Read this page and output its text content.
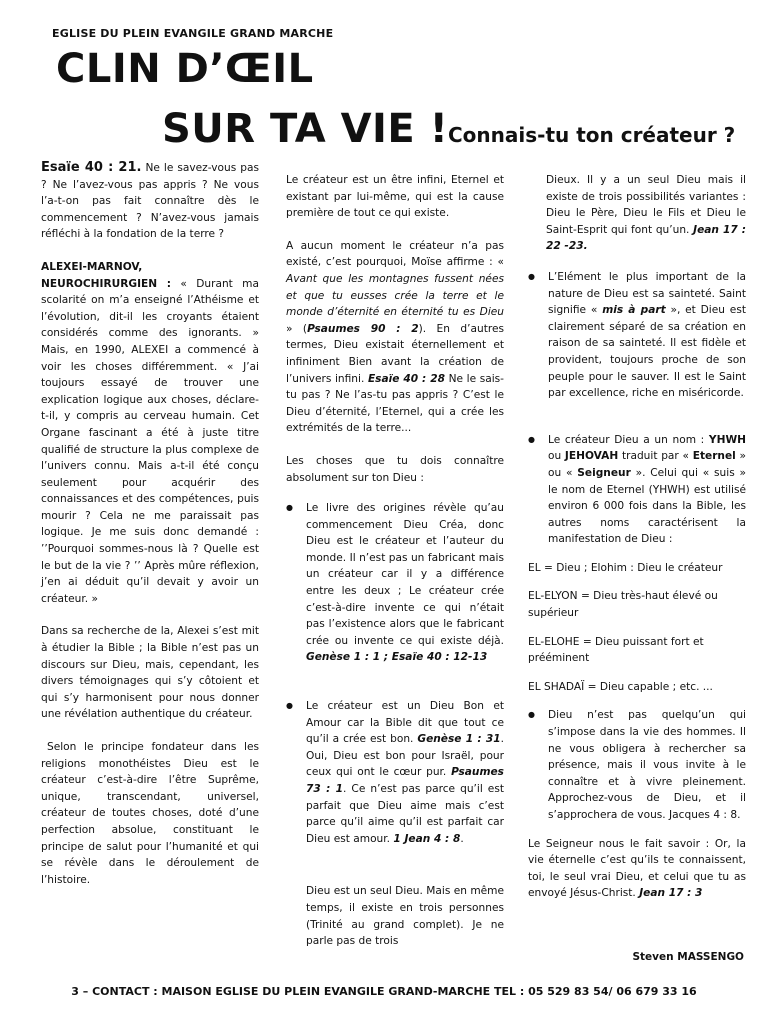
EGLISE DU PLEIN EVANGILE GRAND MARCHE
CLIN D’ŒIL
SUR TA VIE ! Connais-tu ton créateur ?

Esaïe 40 : 21. Ne le savez-vous pas ? Ne l’avez-vous pas appris ? Ne vous l’a-t-on pas fait connaître dès le commencement ? N’avez-vous jamais réfléchi à la fondation de la terre ?

ALEXEI-MARNOV, NEUROCHIRURGIEN : « Durant ma scolarité on m’a enseigné l’Athéisme et l’évolution, dit-il les croyants étaient considérés comme des ignorants. » Mais, en 1990, ALEXEI a commencé à voir les choses différemment. « J’ai toujours essayé de trouver une explication logique aux choses, déclare-t-il, y compris au cerveau humain. Cet Organe fascinant a été à juste titre qualifié de structure la plus complexe de l’univers connu. Mais a-t-il été conçu seulement pour acquérir des connaissances et des compétences, puis mourir ? Cela ne me paraissait pas logique. Je me suis donc demandé : ’’Pourquoi sommes-nous là ? Quelle est le but de la vie ? ’’ Après mûre réflexion, j’en ai déduit qu’il devait y avoir un créateur. »

Dans sa recherche de la, Alexei s’est mit à étudier la Bible ; la Bible n’est pas un discours sur Dieu, mais, cependant, les divers témoignages qui s’y côtoient et qui s’y harmonisent pour nous donner une révélation authentique du créateur.

Selon le principe fondateur dans les religions monothéistes Dieu est le créateur c’est-à-dire l’être Suprême, unique, transcendant, universel, créateur de toutes choses, doté d’une perfection absolue, constituant le principe de salut pour l’humanité et qui se révèle dans le déroulement de l’histoire.

Le créateur est un être infini, Eternel et existant par lui-même, qui est la cause première de tout ce qui existe.

A aucun moment le créateur n’a pas existé, c’est pourquoi, Moïse affirme : « Avant que les montagnes fussent nées et que tu eusses crée la terre et le monde d’éternité en éternité tu es Dieu » (Psaumes 90 : 2). En d’autres termes, Dieu existait éternellement et infiniment Bien avant la création de l’univers infini. Esaïe 40 : 28 Ne le sais-tu pas ? Ne l’as-tu pas appris ? C’est le Dieu d’éternité, l’Eternel, qui a crée les extrémités de la terre...

Les choses que tu dois connaître absolument sur ton Dieu :

● Le livre des origines révèle qu’au commencement Dieu Créa, donc Dieu est le créateur et l’auteur du monde. Il n’est pas un fabricant mais un créateur car il y a différence entre les deux ; Le créateur crée c’est-à-dire invente ce qui n’était pas l’existence alors que le fabricant crée ou invente ce qui existe déjà. Genèse 1 : 1 ; Esaïe 40 : 12-13
● Le créateur est un Dieu Bon et Amour car la Bible dit que tout ce qu’il a crée est bon. Genèse 1 : 31. Oui, Dieu est bon pour Israël, pour ceux qui ont le cœur pur. Psaumes 73 : 1. Ce n’est pas parce qu’il est parfait que Dieu aime mais c’est parce qu’il aime qu’il est parfait car Dieu est amour. 1 Jean 4 : 8.

Dieu est un seul Dieu. Mais en même temps, il existe en trois personnes (Trinité au grand complet). Je ne parle pas de trois

Dieux. Il y a un seul Dieu mais il existe de trois possibilités variantes : Dieu le Père, Dieu le Fils et Dieu le Saint-Esprit qui font qu’un. Jean 17 : 22 -23.

● L’Elément le plus important de la nature de Dieu est sa sainteté. Saint signifie « mis à part », et Dieu est clairement séparé de sa création en raison de sa sainteté. Il est fidèle et provident, toujours proche de son peuple pour le sauver. Il est le Saint par excellence, riche en miséricorde.
● Le créateur Dieu a un nom : YHWH ou JEHOVAH traduit par « Eternel » ou « Seigneur ». Celui qui « suis » le nom de Eternel (YHWH) est utilisé environ 6 000 fois dans la Bible, les autres noms caractérisent la manifestation de Dieu :

EL = Dieu ; Elohim : Dieu le créateur

EL-ELYON = Dieu très-haut élevé ou supérieur

EL-ELOHE = Dieu puissant fort et prééminent

EL SHADAÏ = Dieu capable ; etc. ...

● Dieu n’est pas quelqu’un qui s’impose dans la vie des hommes. Il ne vous obligera à rechercher sa présence, mais il vous invite à le connaître et à vivre pleinement. Approchez-vous de Dieu, et il s’approchera de vous. Jacques 4 : 8.

Le Seigneur nous le fait savoir : Or, la vie éternelle c’est qu’ils te connaissent, toi, le seul vrai Dieu, et celui que tu as envoyé Jésus-Christ. Jean 17 : 3

Steven MASSENGO
3 – CONTACT : MAISON EGLISE DU PLEIN EVANGILE GRAND-MARCHE TEL : 05 529 83 54/ 06 679 33 16
